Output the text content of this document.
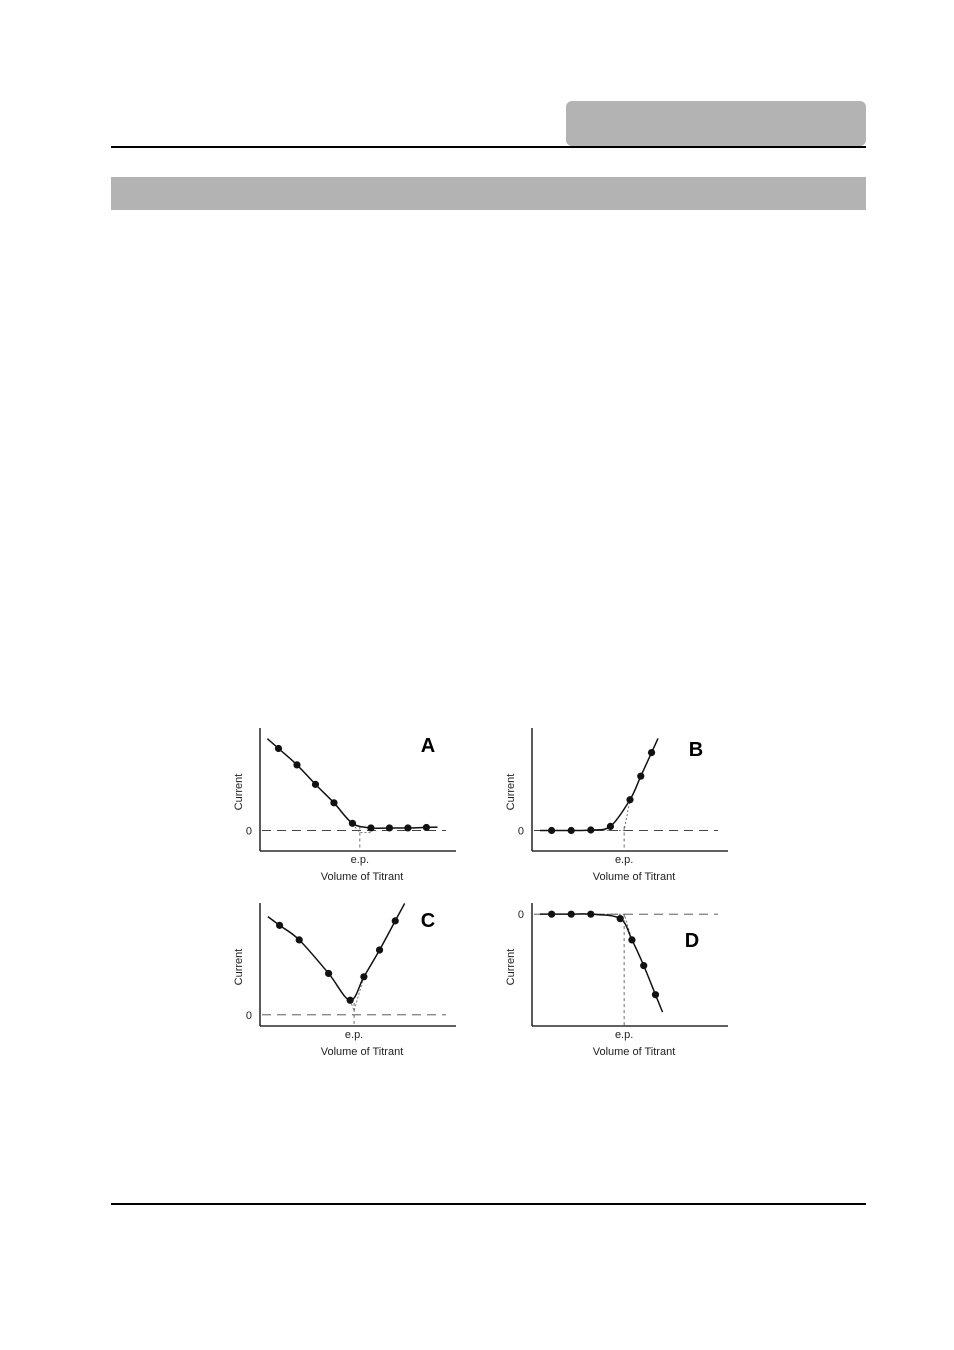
0
e.p.
Volume of Titrant
Current
A
0
e.p.
Volume of Titrant
Current
B
0
e.p.
Volume of Titrant
Current
C	0
e.p.
Volume of Titrant
Current
D
